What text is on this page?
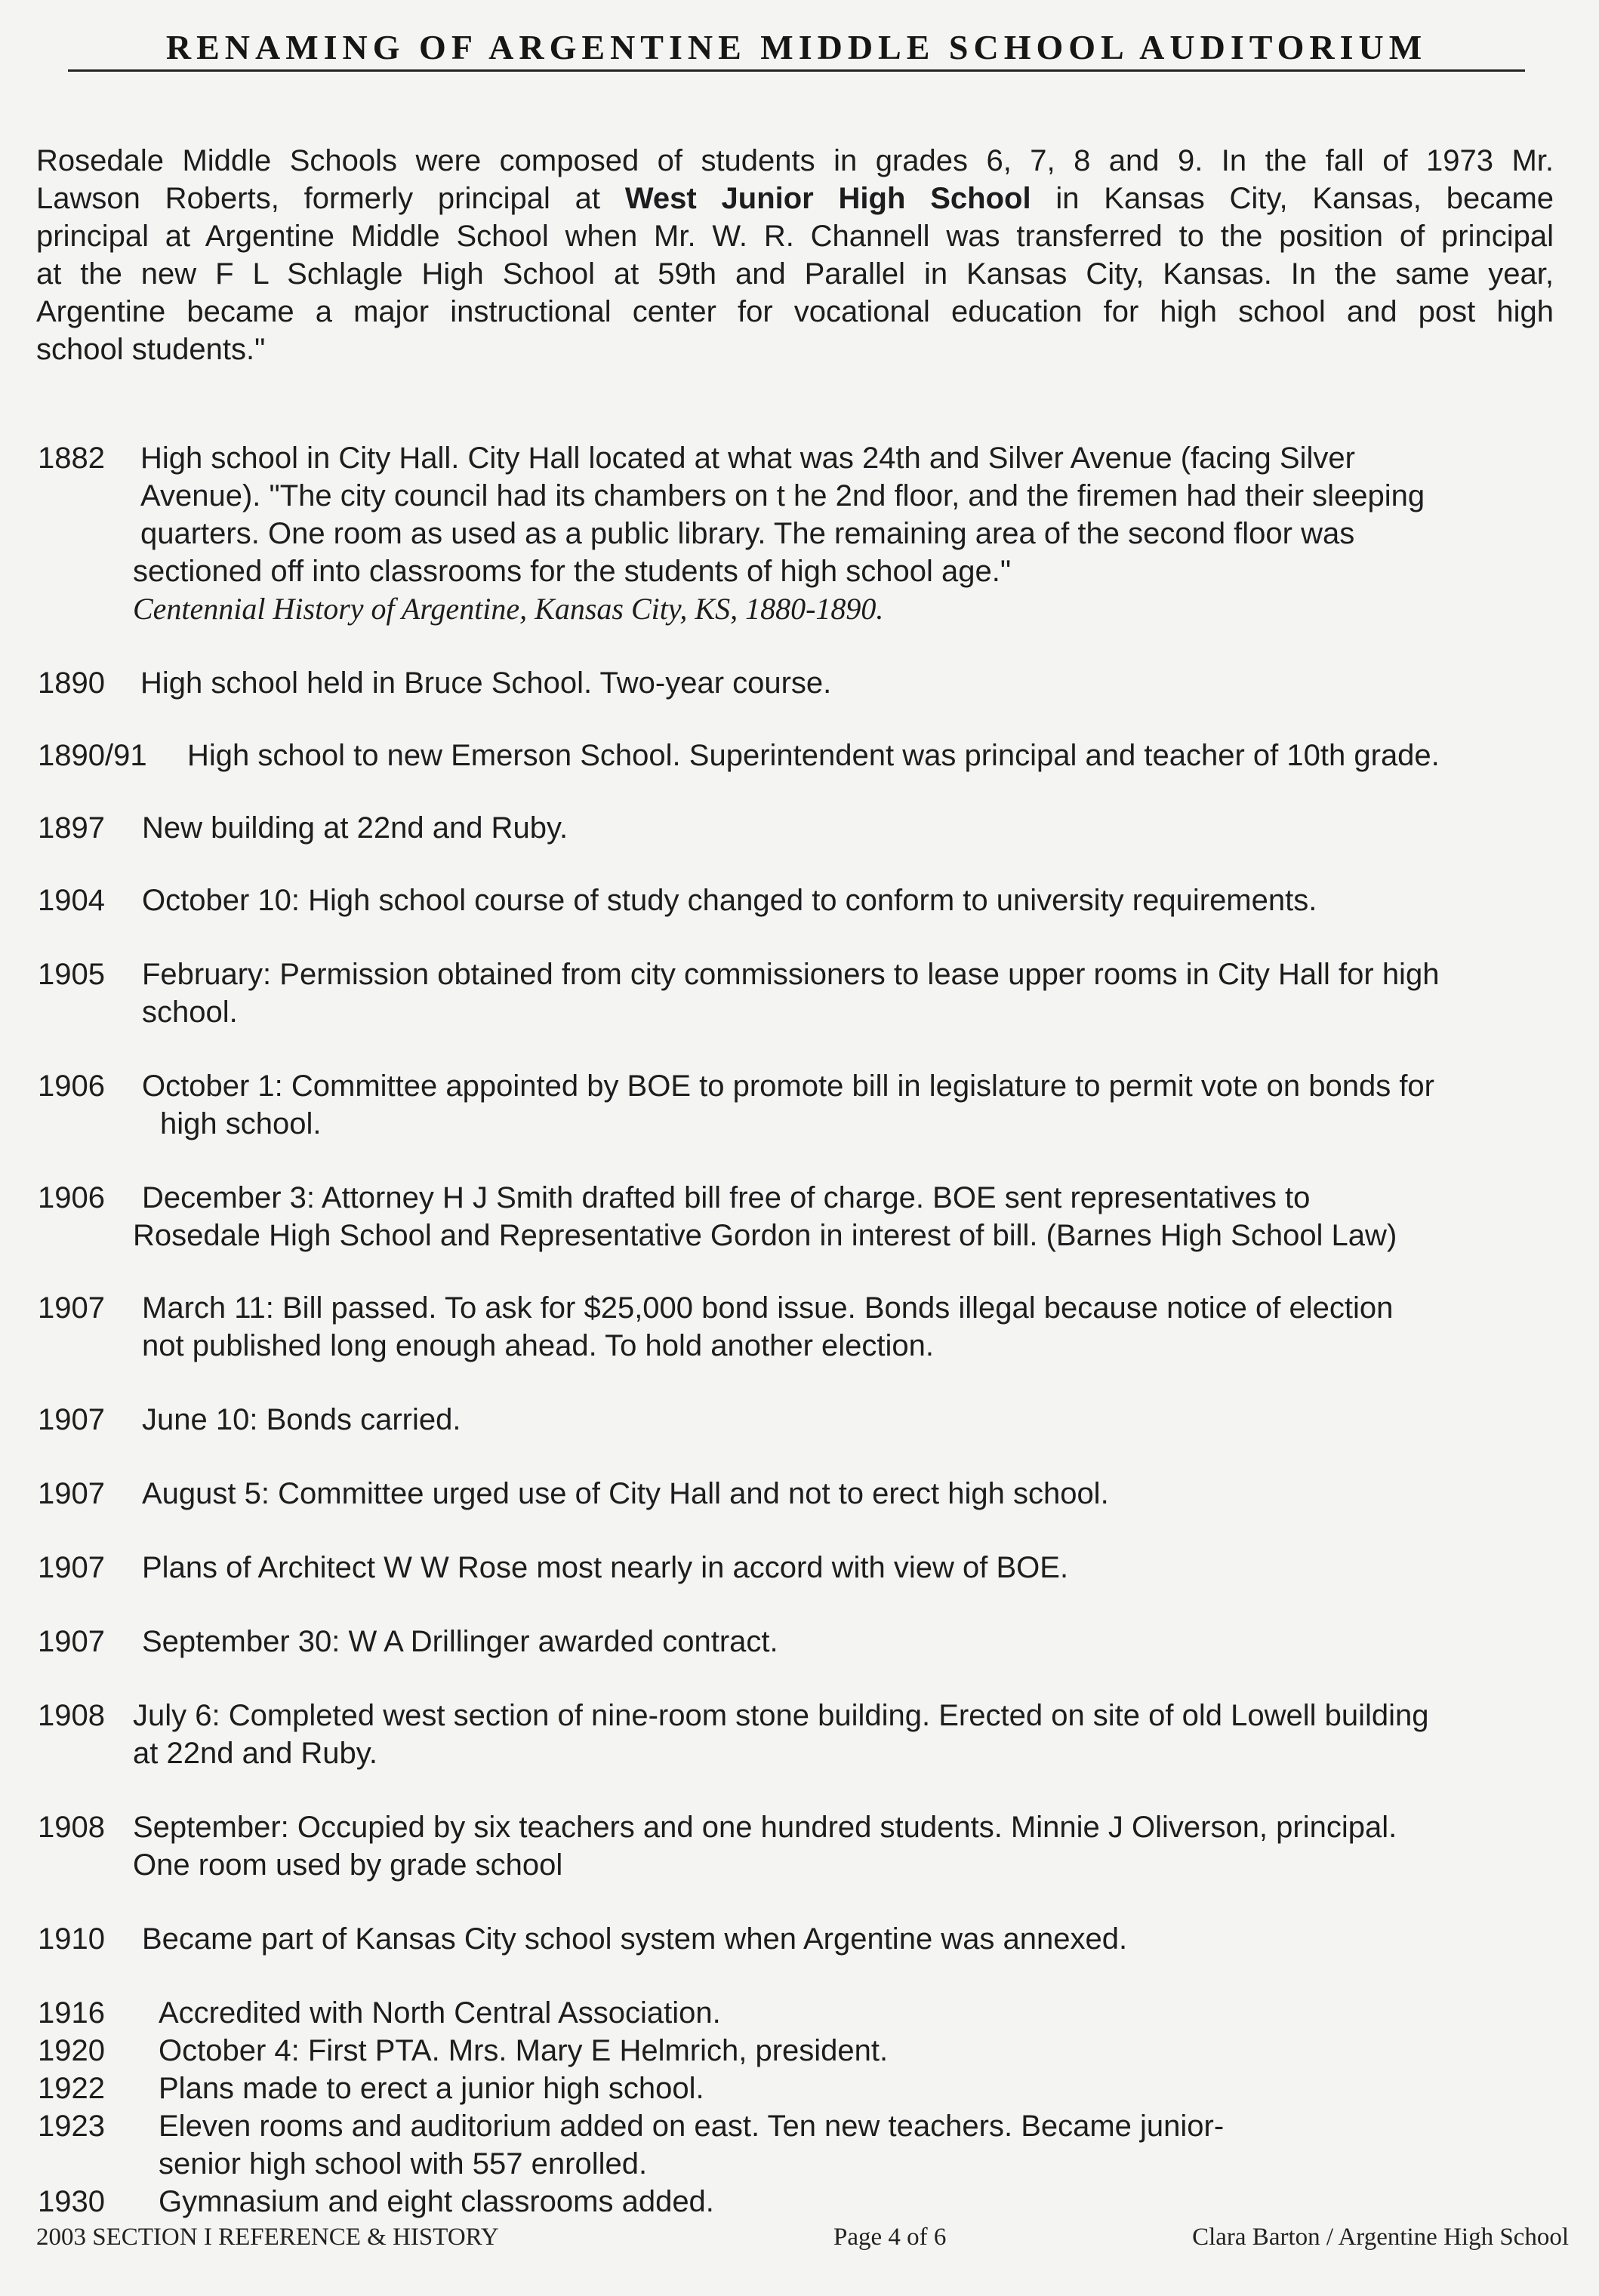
RENAMING OF ARGENTINE MIDDLE SCHOOL AUDITORIUM

Rosedale Middle Schools were composed of students in grades 6, 7, 8 and 9. In the fall of 1973 Mr.
Lawson Roberts, formerly principal at West Junior High School in Kansas City, Kansas, became
principal at Argentine Middle School when Mr. W. R. Channell was transferred to the position of principal
at the new F L Schlagle High School at 59th and Parallel in Kansas City, Kansas. In the same year,
Argentine became a major instructional center for vocational education for high school and post high
school students."

1882 High school in City Hall. City Hall located at what was 24th and Silver Avenue (facing Silver
Avenue). "The city council had its chambers on t he 2nd floor, and the firemen had their sleeping
quarters. One room as used as a public library. The remaining area of the second floor was
sectioned off into classrooms for the students of high school age."
Centennial History of Argentine, Kansas City, KS, 1880-1890.
1890 High school held in Bruce School. Two-year course.
1890/91 High school to new Emerson School. Superintendent was principal and teacher of 10th grade.
1897 New building at 22nd and Ruby.
1904 October 10: High school course of study changed to conform to university requirements.
1905 February: Permission obtained from city commissioners to lease upper rooms in City Hall for high
school.
1906 October 1: Committee appointed by BOE to promote bill in legislature to permit vote on bonds for
high school.
1906 December 3: Attorney H J Smith drafted bill free of charge. BOE sent representatives to
Rosedale High School and Representative Gordon in interest of bill. (Barnes High School Law)
1907 March 11: Bill passed. To ask for $25,000 bond issue. Bonds illegal because notice of election
not published long enough ahead. To hold another election.
1907 June 10: Bonds carried.
1907 August 5: Committee urged use of City Hall and not to erect high school.
1907 Plans of Architect W W Rose most nearly in accord with view of BOE.
1907 September 30: W A Drillinger awarded contract.
1908 July 6: Completed west section of nine-room stone building. Erected on site of old Lowell building
at 22nd and Ruby.
1908 September: Occupied by six teachers and one hundred students. Minnie J Oliverson, principal.
One room used by grade school
1910 Became part of Kansas City school system when Argentine was annexed.
1916 Accredited with North Central Association.
1920 October 4: First PTA. Mrs. Mary E Helmrich, president.
1922 Plans made to erect a junior high school.
1923 Eleven rooms and auditorium added on east. Ten new teachers. Became junior-
senior high school with 557 enrolled.
1930 Gymnasium and eight classrooms added.
2003 SECTION I REFERENCE & HISTORY	Page 4 of 6	Clara Barton / Argentine High School
